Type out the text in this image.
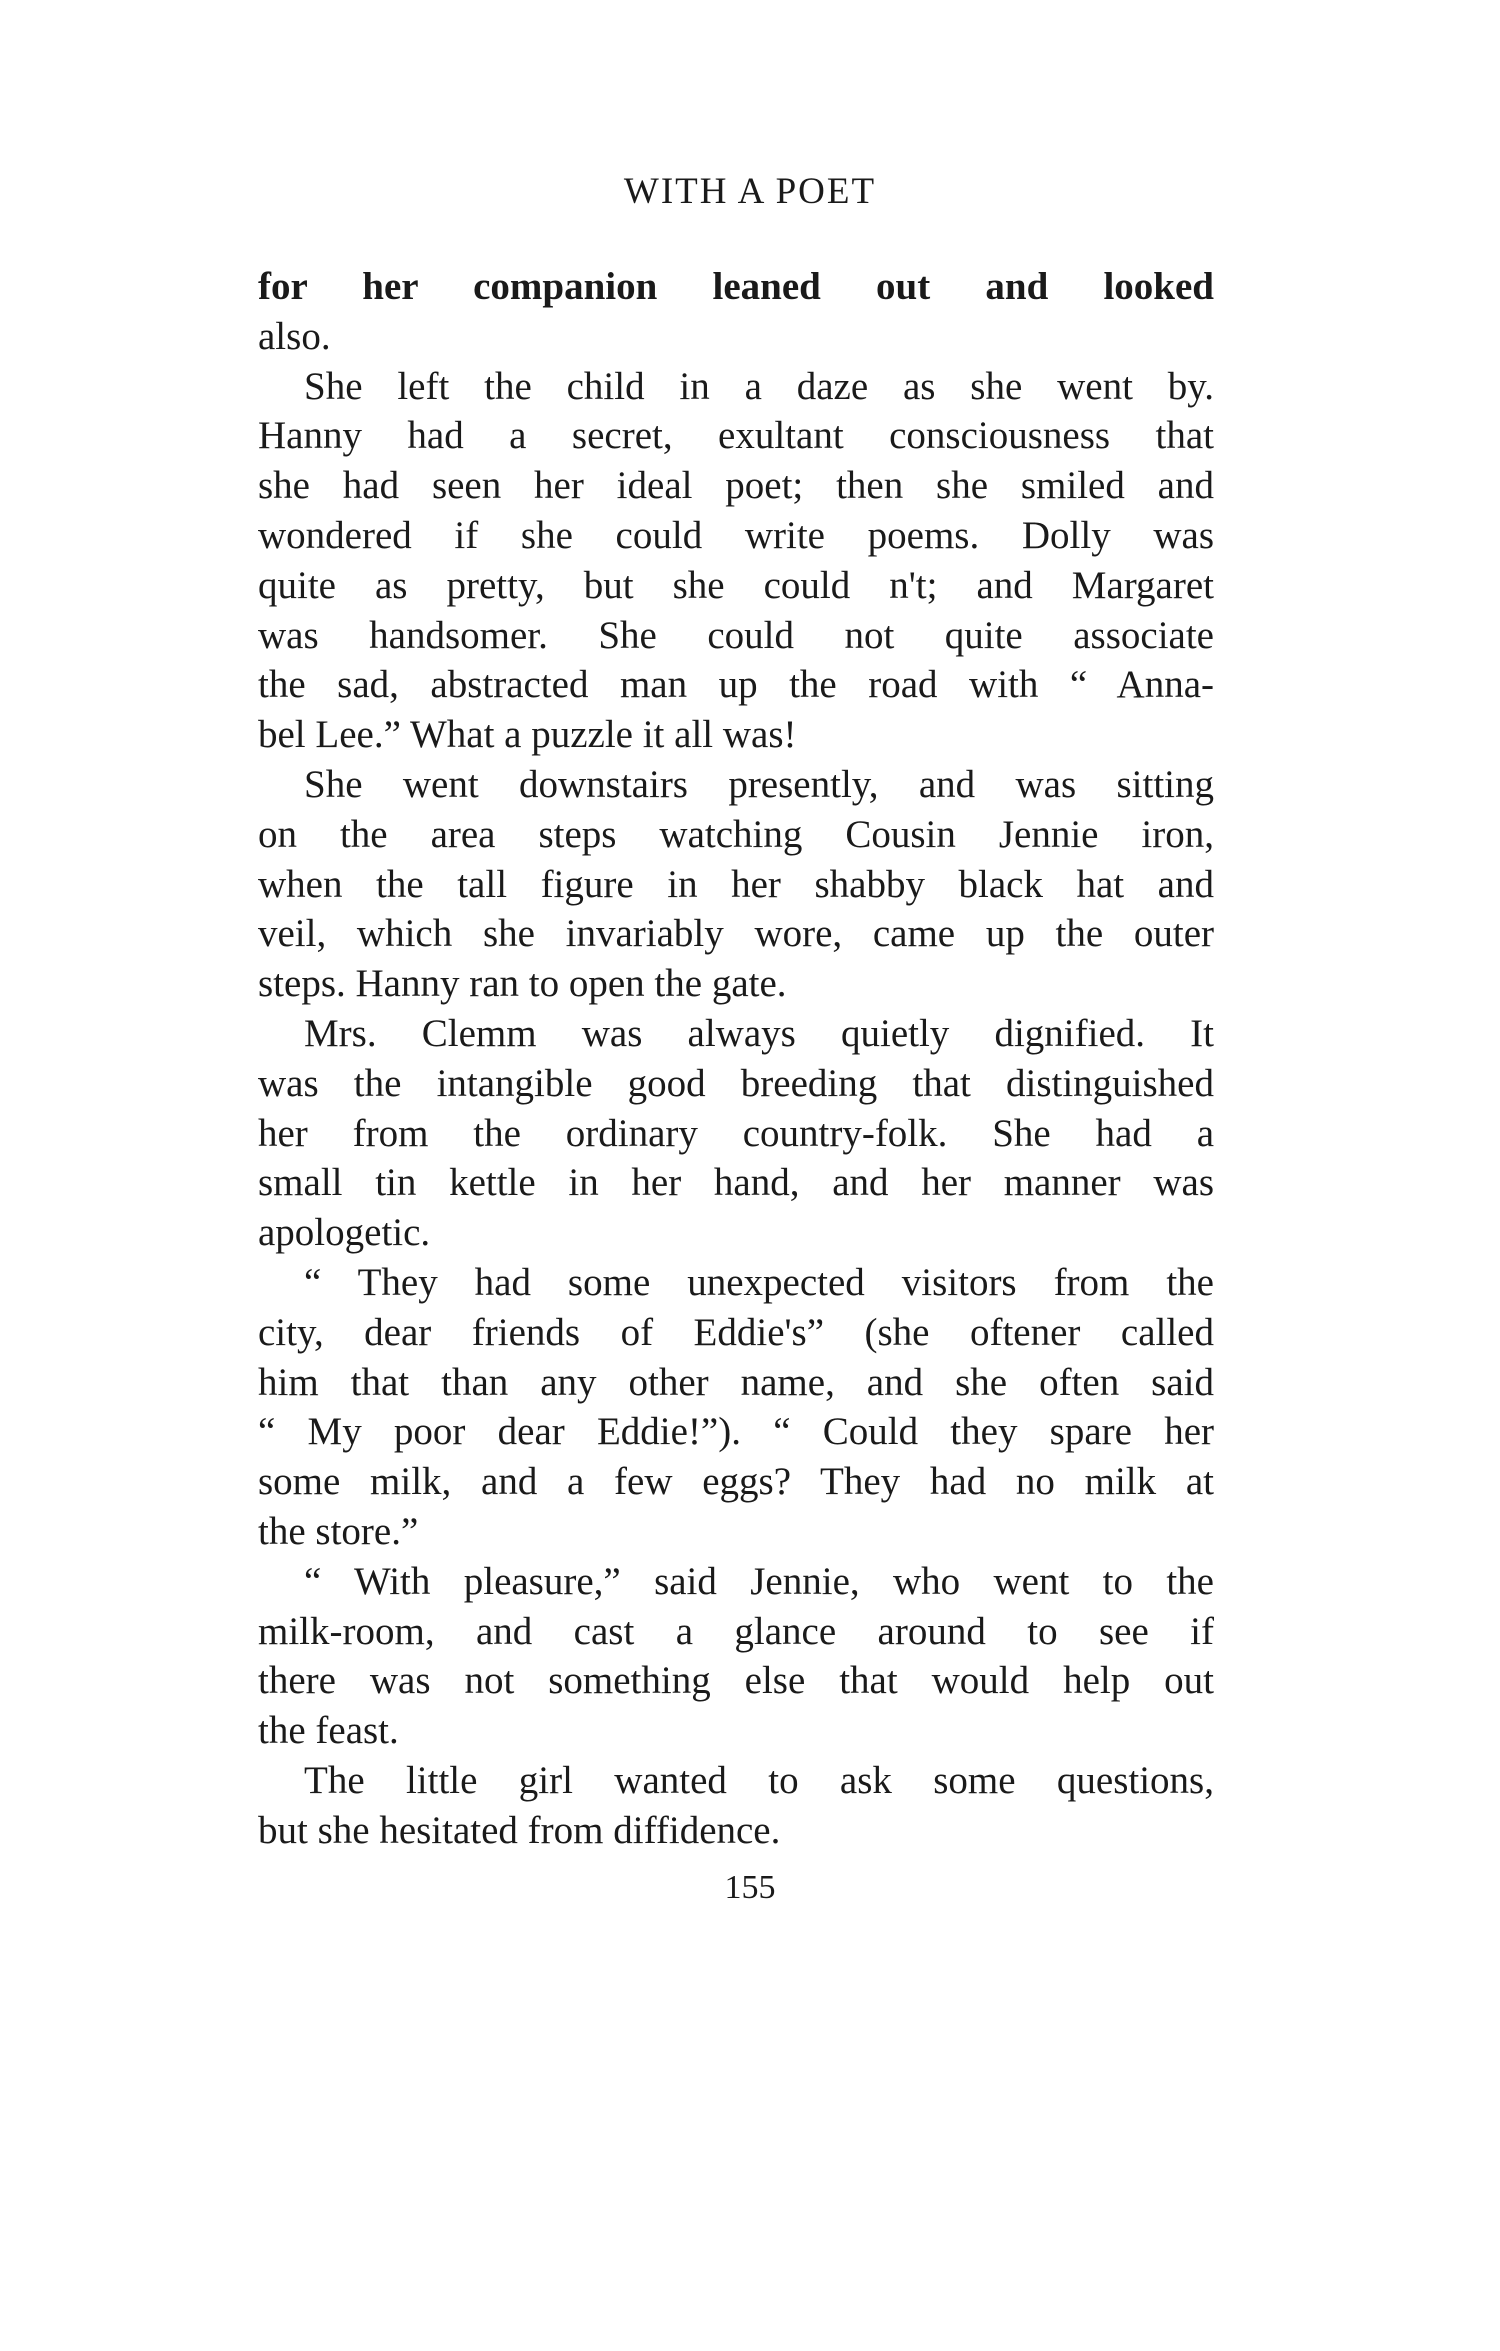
WITH A POET
for her companion leaned out and looked
also.
She left the child in a daze as she went by.
Hanny had a secret, exultant consciousness that
she had seen her ideal poet; then she smiled and
wondered if she could write poems. Dolly was
quite as pretty, but she could n't; and Margaret
was handsomer. She could not quite associate
the sad, abstracted man up the road with “ Anna-
bel Lee.” What a puzzle it all was!
She went downstairs presently, and was sitting
on the area steps watching Cousin Jennie iron,
when the tall figure in her shabby black hat and
veil, which she invariably wore, came up the outer
steps. Hanny ran to open the gate.
Mrs. Clemm was always quietly dignified. It
was the intangible good breeding that distinguished
her from the ordinary country-folk. She had a
small tin kettle in her hand, and her manner was
apologetic.
“ They had some unexpected visitors from the
city, dear friends of Eddie's” (she oftener called
him that than any other name, and she often said
“ My poor dear Eddie!”). “ Could they spare her
some milk, and a few eggs? They had no milk at
the store.”
“ With pleasure,” said Jennie, who went to the
milk-room, and cast a glance around to see if
there was not something else that would help out
the feast.
The little girl wanted to ask some questions,
but she hesitated from diffidence.
155
